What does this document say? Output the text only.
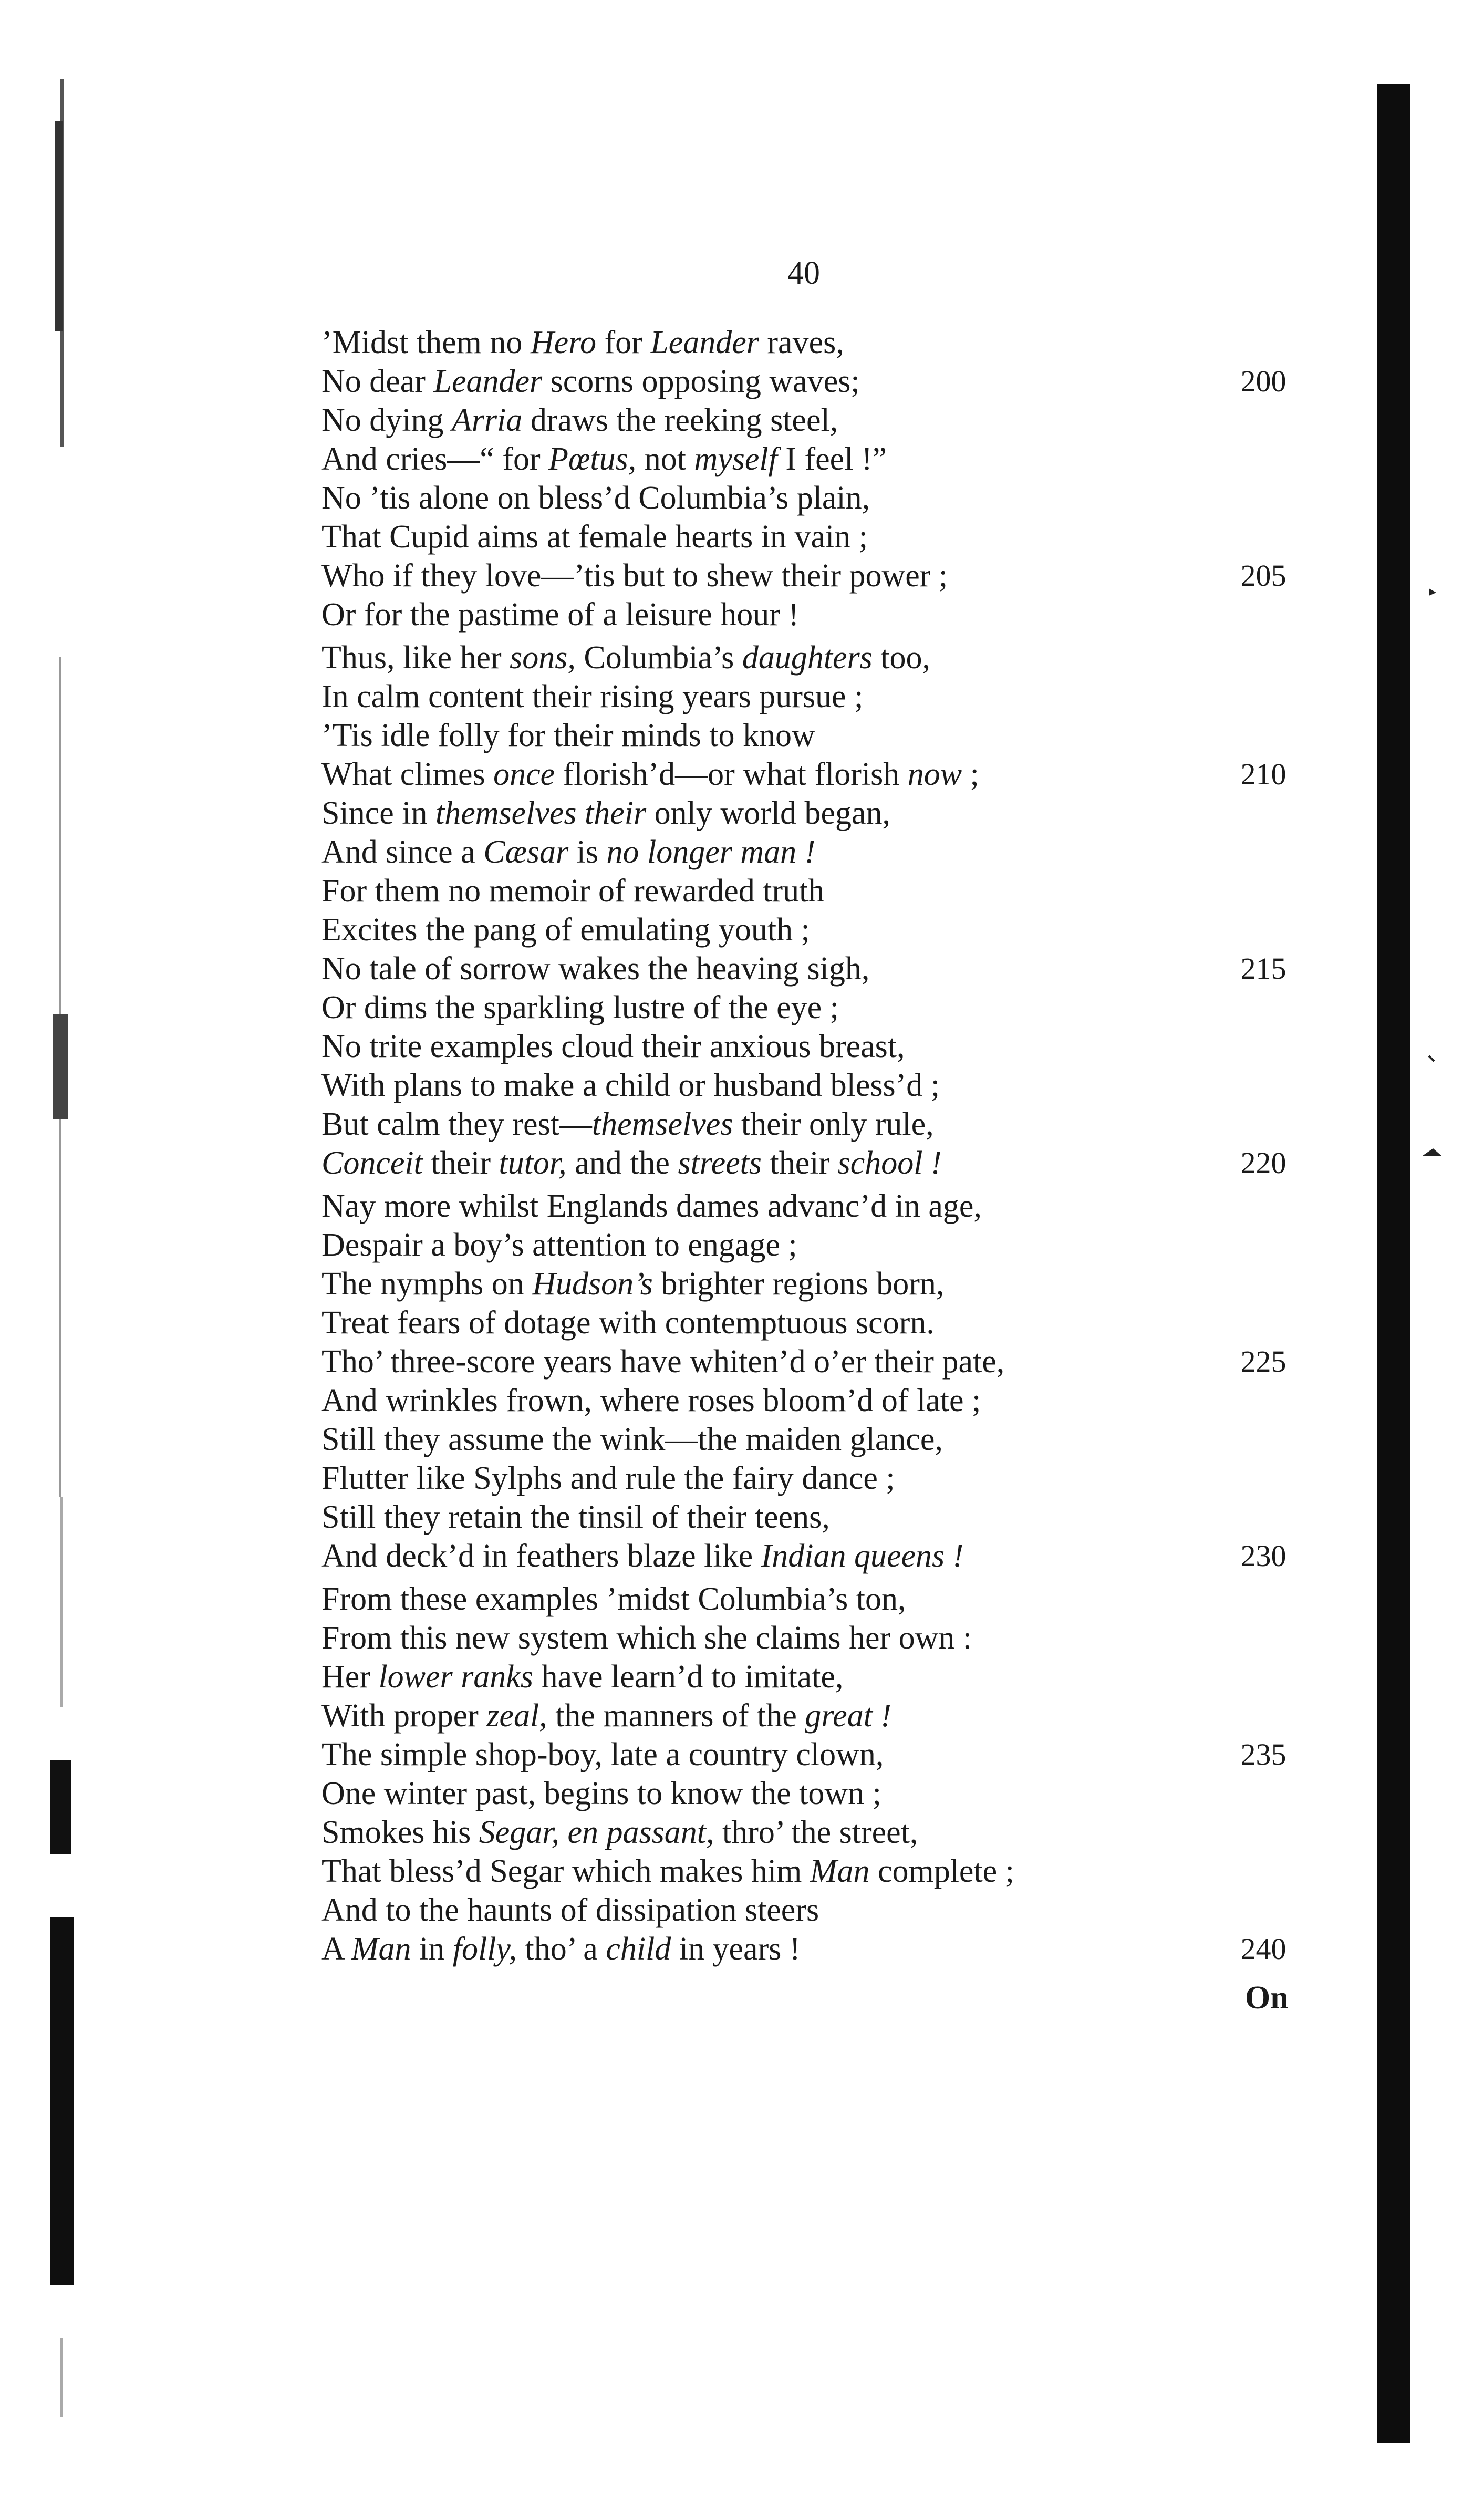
40
’Midst them no Hero for Leander raves,
No dear Leander scorns opposing waves;	200
No dying Arria draws the reeking steel,
And cries—“ for Pœtus, not myself I feel !”
No ’tis alone on bless’d Columbia’s plain,
That Cupid aims at female hearts in vain ;
Who if they love—’tis but to shew their power ;	205
Or for the pastime of a leisure hour !
Thus, like her sons, Columbia’s daughters too,
In calm content their rising years pursue ;
’Tis idle folly for their minds to know
What climes once florish’d—or what florish now ;	210
Since in themselves their only world began,
And since a Cæsar is no longer man !
For them no memoir of rewarded truth
Excites the pang of emulating youth ;
No tale of sorrow wakes the heaving sigh,	215
Or dims the sparkling lustre of the eye ;
No trite examples cloud their anxious breast,
With plans to make a child or husband bless’d ;
But calm they rest—themselves their only rule,
Conceit their tutor, and the streets their school !	220
Nay more whilst Englands dames advanc’d in age,
Despair a boy’s attention to engage ;
The nymphs on Hudson’s brighter regions born,
Treat fears of dotage with contemptuous scorn.
Tho’ three-score years have whiten’d o’er their pate,	225
And wrinkles frown, where roses bloom’d of late ;
Still they assume the wink—the maiden glance,
Flutter like Sylphs and rule the fairy dance ;
Still they retain the tinsil of their teens,
And deck’d in feathers blaze like Indian queens !	230
From these examples ’midst Columbia’s ton,
From this new system which she claims her own :
Her lower ranks have learn’d to imitate,
With proper zeal, the manners of the great !
The simple shop-boy, late a country clown,	235
One winter past, begins to know the town ;
Smokes his Segar, en passant, thro’ the street,
That bless’d Segar which makes him Man complete ;
And to the haunts of dissipation steers
A Man in folly, tho’ a child in years !	240
On
